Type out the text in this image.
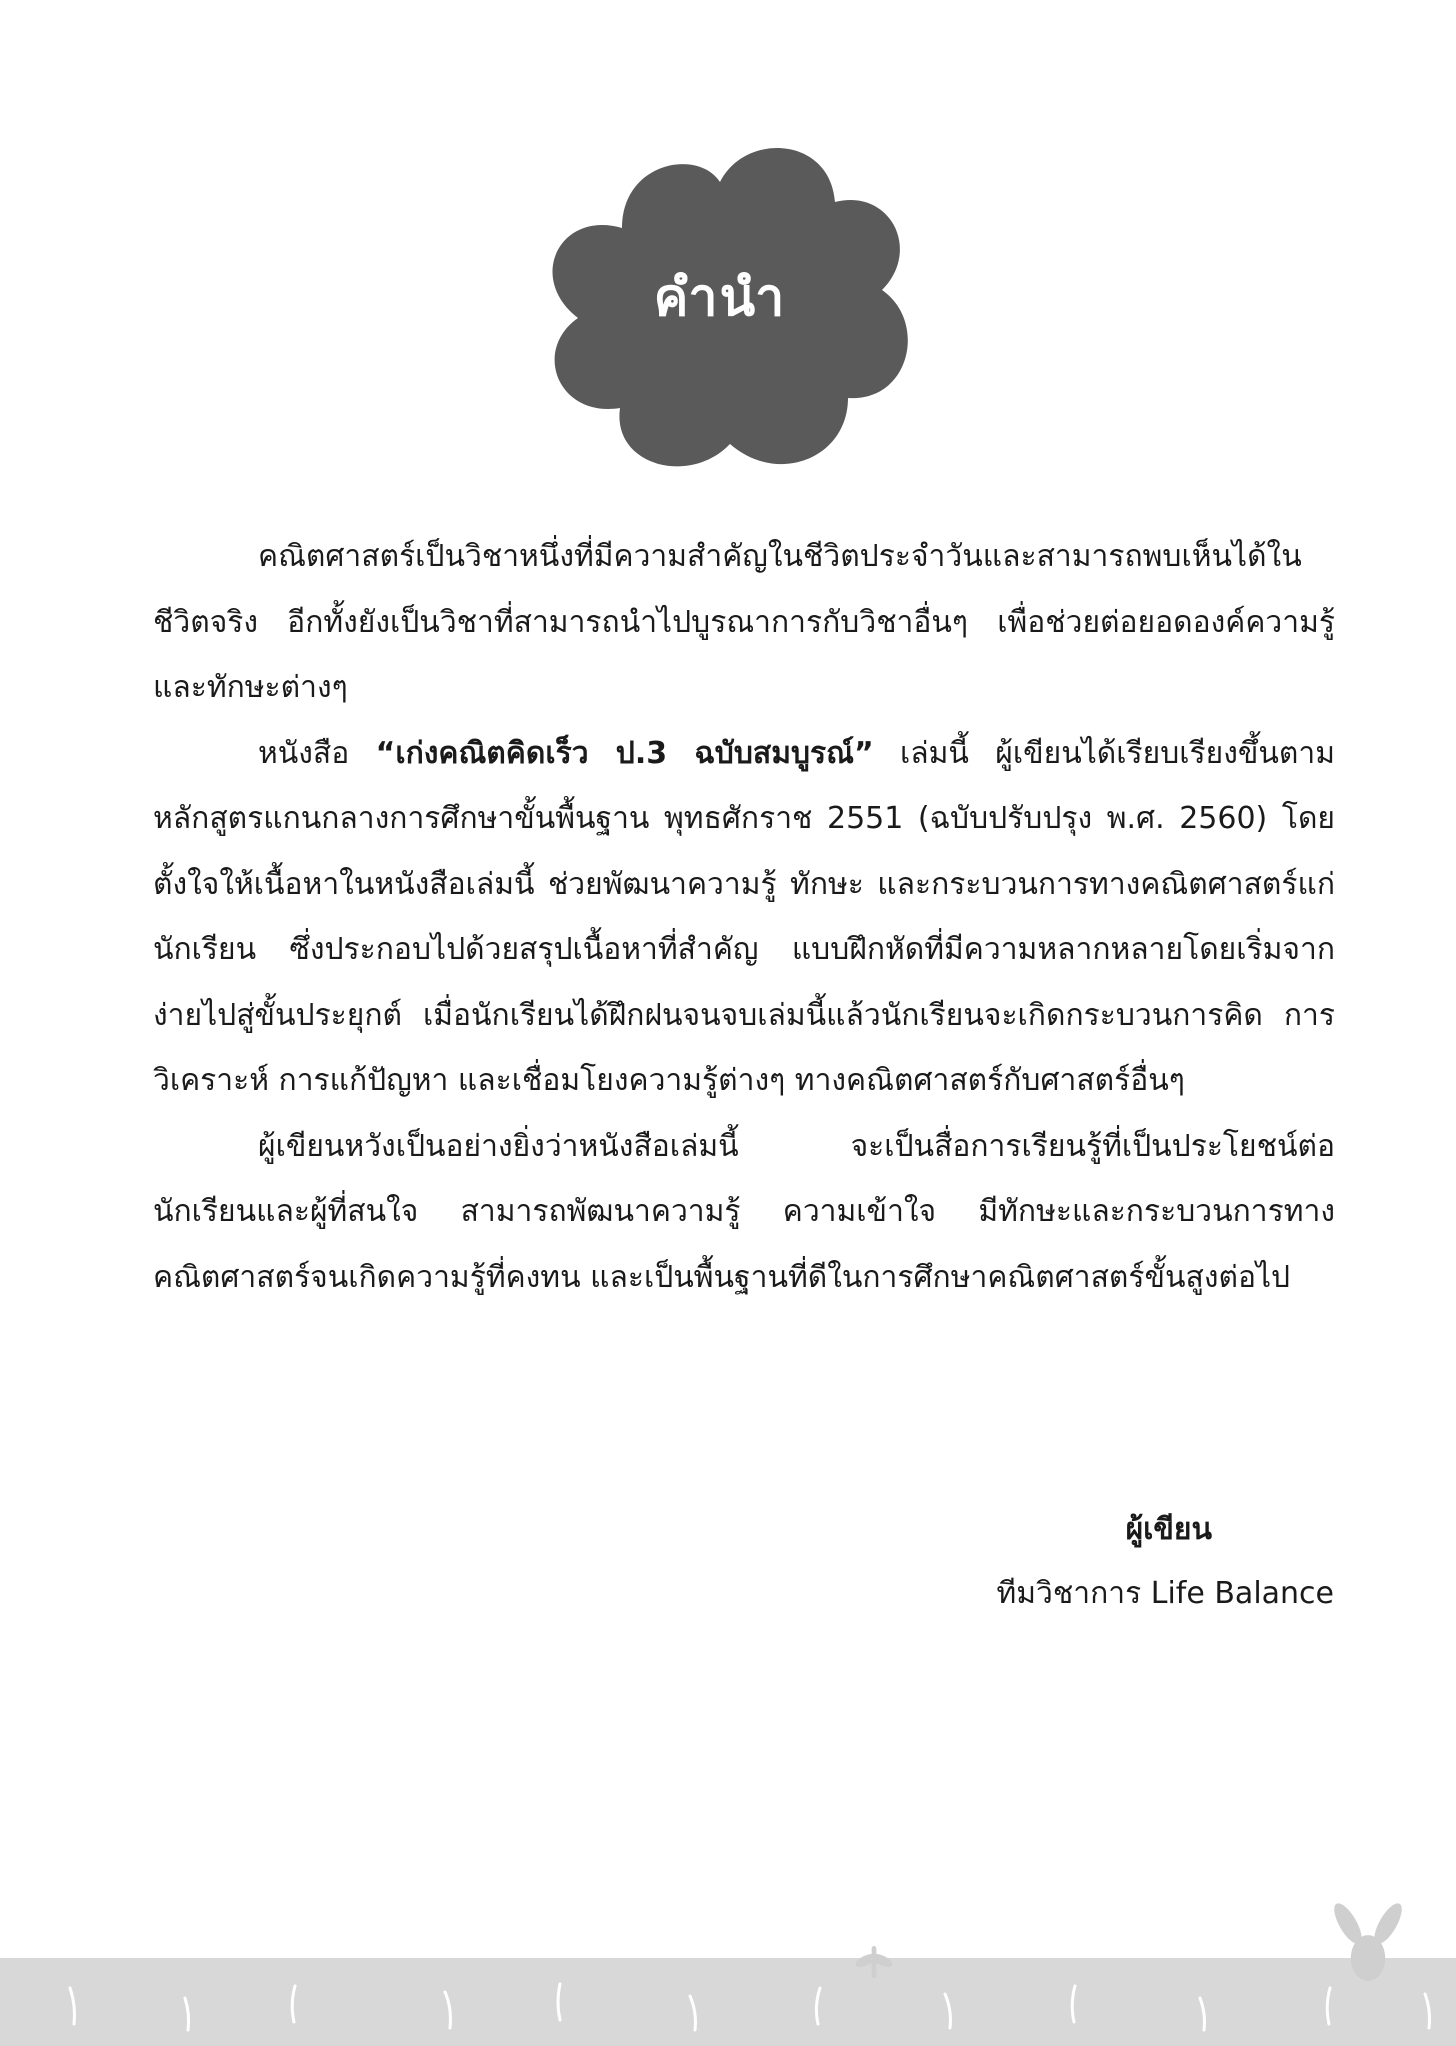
คำนำ

คณิตศาสตร์เป็นวิชาหนึ่งที่มีความสำคัญในชีวิตประจำวันและสามารถพบเห็นได้ในชีวิตจริง อีกทั้งยังเป็นวิชาที่สามารถนำไปบูรณาการกับวิชาอื่นๆ เพื่อช่วยต่อยอดองค์ความรู้และทักษะต่างๆ

หนังสือ “เก่งคณิตคิดเร็ว ป.3 ฉบับสมบูรณ์” เล่มนี้ ผู้เขียนได้เรียบเรียงขึ้นตามหลักสูตรแกนกลางการศึกษาขั้นพื้นฐาน พุทธศักราช 2551 (ฉบับปรับปรุง พ.ศ. 2560) โดยตั้งใจให้เนื้อหาในหนังสือเล่มนี้ ช่วยพัฒนาความรู้ ทักษะ และกระบวนการทางคณิตศาสตร์แก่นักเรียน ซึ่งประกอบไปด้วยสรุปเนื้อหาที่สำคัญ แบบฝึกหัดที่มีความหลากหลายโดยเริ่มจากง่ายไปสู่ขั้นประยุกต์ เมื่อนักเรียนได้ฝึกฝนจนจบเล่มนี้แล้วนักเรียนจะเกิดกระบวนการคิด การวิเคราะห์ การแก้ปัญหา และเชื่อมโยงความรู้ต่างๆ ทางคณิตศาสตร์กับศาสตร์อื่นๆ

ผู้เขียนหวังเป็นอย่างยิ่งว่าหนังสือเล่มนี้ จะเป็นสื่อการเรียนรู้ที่เป็นประโยชน์ต่อนักเรียนและผู้ที่สนใจ สามารถพัฒนาความรู้ ความเข้าใจ มีทักษะและกระบวนการทางคณิตศาสตร์จนเกิดความรู้ที่คงทน และเป็นพื้นฐานที่ดีในการศึกษาคณิตศาสตร์ขั้นสูงต่อไป

ผู้เขียน
ทีมวิชาการ Life Balance
